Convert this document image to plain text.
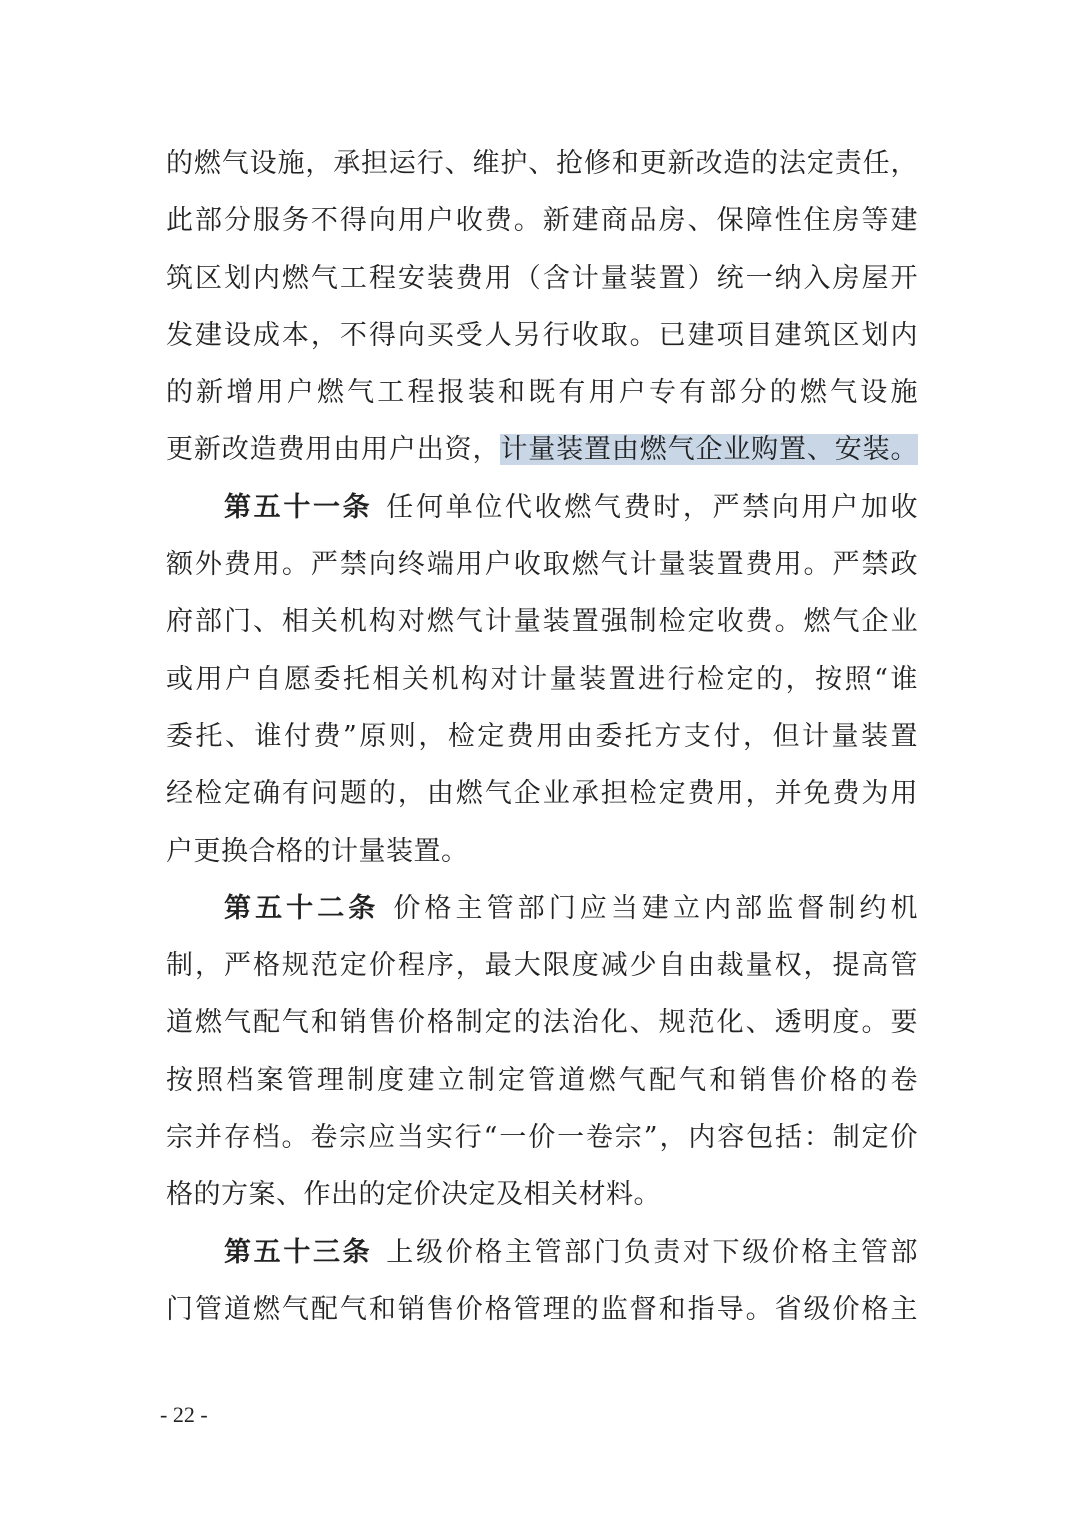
的燃气设施，承担运行、维护、抢修和更新改造的法定责任，
此部分服务不得向用户收费。新建商品房、保障性住房等建
筑区划内燃气工程安装费用（含计量装置）统一纳入房屋开
发建设成本，不得向买受人另行收取。已建项目建筑区划内
的新增用户燃气工程报装和既有用户专有部分的燃气设施
更新改造费用由用户出资，计量装置由燃气企业购置、安装。
第五十一条 任何单位代收燃气费时，严禁向用户加收
额外费用。严禁向终端用户收取燃气计量装置费用。严禁政
府部门、相关机构对燃气计量装置强制检定收费。燃气企业
或用户自愿委托相关机构对计量装置进行检定的，按照“谁
委托、谁付费”原则，检定费用由委托方支付，但计量装置
经检定确有问题的，由燃气企业承担检定费用，并免费为用
户更换合格的计量装置。
第五十二条 价格主管部门应当建立内部监督制约机
制，严格规范定价程序，最大限度减少自由裁量权，提高管
道燃气配气和销售价格制定的法治化、规范化、透明度。要
按照档案管理制度建立制定管道燃气配气和销售价格的卷
宗并存档。卷宗应当实行“一价一卷宗”，内容包括：制定价
格的方案、作出的定价决定及相关材料。
第五十三条 上级价格主管部门负责对下级价格主管部
门管道燃气配气和销售价格管理的监督和指导。省级价格主
- 22 -
